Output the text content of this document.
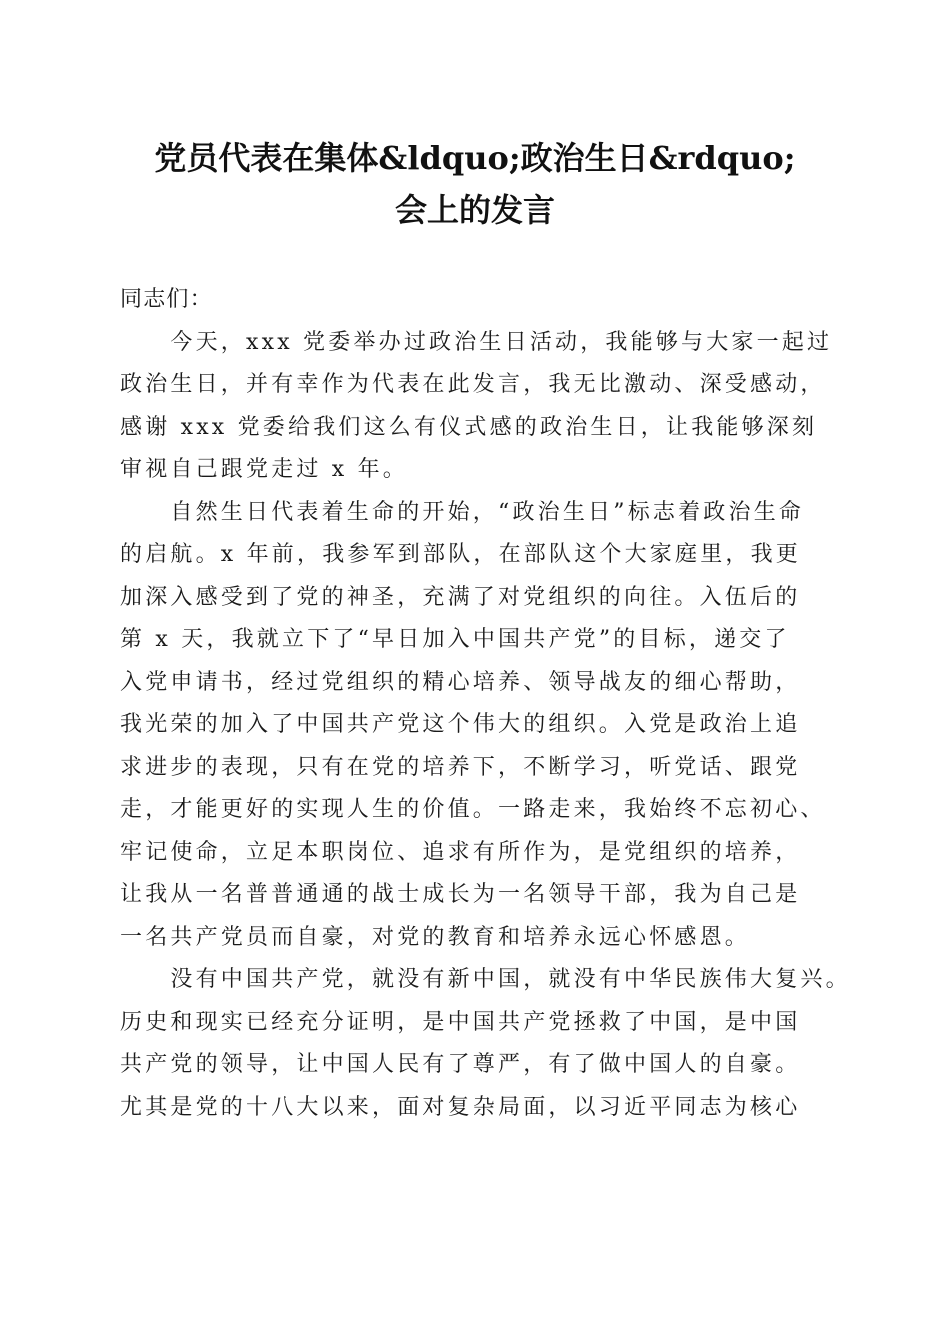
党员代表在集体&ldquo;政治生日&rdquo;
会上的发言
同志们：
　　今天，xxx 党委举办过政治生日活动，我能够与大家一起过
政治生日，并有幸作为代表在此发言，我无比激动、深受感动，
感谢 xxx 党委给我们这么有仪式感的政治生日，让我能够深刻
审视自己跟党走过 x 年。
　　自然生日代表着生命的开始，“政治生日”标志着政治生命
的启航。x 年前，我参军到部队，在部队这个大家庭里，我更
加深入感受到了党的神圣，充满了对党组织的向往。入伍后的
第 x 天，我就立下了“早日加入中国共产党”的目标，递交了
入党申请书，经过党组织的精心培养、领导战友的细心帮助，
我光荣的加入了中国共产党这个伟大的组织。入党是政治上追
求进步的表现，只有在党的培养下，不断学习，听党话、跟党
走，才能更好的实现人生的价值。一路走来，我始终不忘初心、
牢记使命，立足本职岗位、追求有所作为，是党组织的培养，
让我从一名普普通通的战士成长为一名领导干部，我为自己是
一名共产党员而自豪，对党的教育和培养永远心怀感恩。
　　没有中国共产党，就没有新中国，就没有中华民族伟大复兴。
历史和现实已经充分证明，是中国共产党拯救了中国，是中国
共产党的领导，让中国人民有了尊严，有了做中国人的自豪。
尤其是党的十八大以来，面对复杂局面，以习近平同志为核心
